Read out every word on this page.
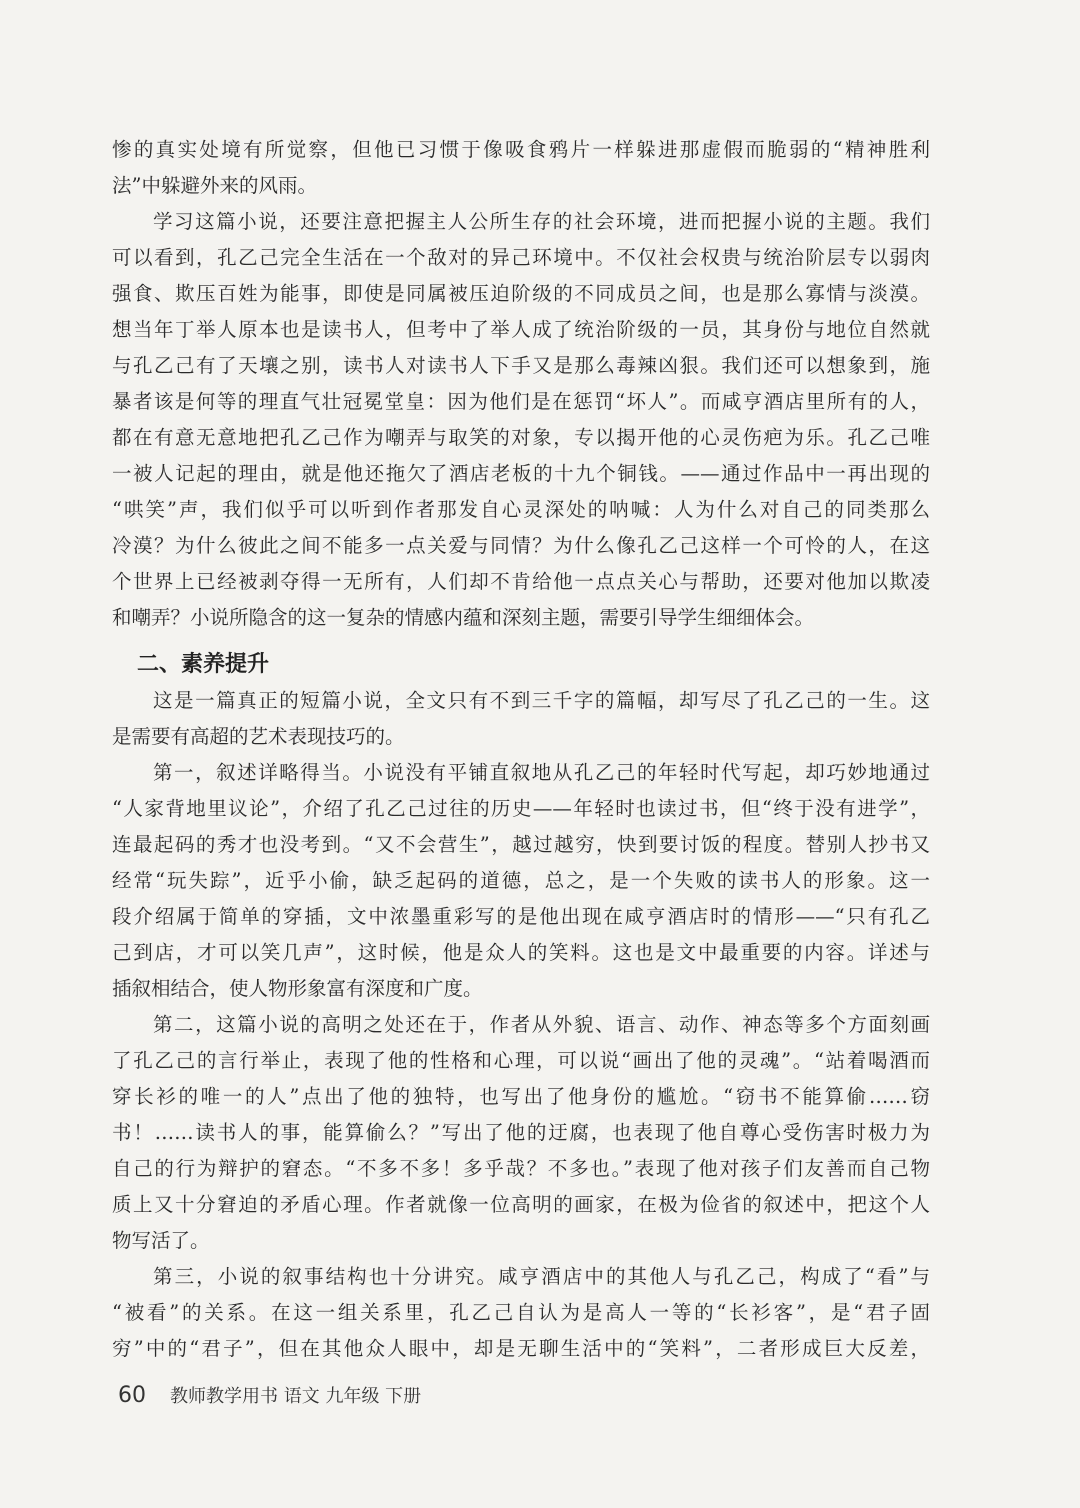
惨的真实处境有所觉察，但他已习惯于像吸食鸦片一样躲进那虚假而脆弱的“精神胜利
法”中躲避外来的风雨。
学习这篇小说，还要注意把握主人公所生存的社会环境，进而把握小说的主题。我们
可以看到，孔乙己完全生活在一个敌对的异己环境中。不仅社会权贵与统治阶层专以弱肉
强食、欺压百姓为能事，即使是同属被压迫阶级的不同成员之间，也是那么寡情与淡漠。
想当年丁举人原本也是读书人，但考中了举人成了统治阶级的一员，其身份与地位自然就
与孔乙己有了天壤之别，读书人对读书人下手又是那么毒辣凶狠。我们还可以想象到，施
暴者该是何等的理直气壮冠冕堂皇：因为他们是在惩罚“坏人”。而咸亨酒店里所有的人，
都在有意无意地把孔乙己作为嘲弄与取笑的对象，专以揭开他的心灵伤疤为乐。孔乙己唯
一被人记起的理由，就是他还拖欠了酒店老板的十九个铜钱。——通过作品中一再出现的
“哄笑”声，我们似乎可以听到作者那发自心灵深处的呐喊：人为什么对自己的同类那么
冷漠？为什么彼此之间不能多一点关爱与同情？为什么像孔乙己这样一个可怜的人，在这
个世界上已经被剥夺得一无所有，人们却不肯给他一点点关心与帮助，还要对他加以欺凌
和嘲弄？小说所隐含的这一复杂的情感内蕴和深刻主题，需要引导学生细细体会。
二、素养提升
这是一篇真正的短篇小说，全文只有不到三千字的篇幅，却写尽了孔乙己的一生。这
是需要有高超的艺术表现技巧的。
第一，叙述详略得当。小说没有平铺直叙地从孔乙己的年轻时代写起，却巧妙地通过
“人家背地里议论”，介绍了孔乙己过往的历史——年轻时也读过书，但“终于没有进学”，
连最起码的秀才也没考到。“又不会营生”，越过越穷，快到要讨饭的程度。替别人抄书又
经常“玩失踪”，近乎小偷，缺乏起码的道德，总之，是一个失败的读书人的形象。这一
段介绍属于简单的穿插，文中浓墨重彩写的是他出现在咸亨酒店时的情形——“只有孔乙
己到店，才可以笑几声”，这时候，他是众人的笑料。这也是文中最重要的内容。详述与
插叙相结合，使人物形象富有深度和广度。
第二，这篇小说的高明之处还在于，作者从外貌、语言、动作、神态等多个方面刻画
了孔乙己的言行举止，表现了他的性格和心理，可以说“画出了他的灵魂”。“站着喝酒而
穿长衫的唯一的人”点出了他的独特，也写出了他身份的尴尬。“窃书不能算偷……窃
书！……读书人的事，能算偷么？”写出了他的迂腐，也表现了他自尊心受伤害时极力为
自己的行为辩护的窘态。“不多不多！多乎哉？不多也。”表现了他对孩子们友善而自己物
质上又十分窘迫的矛盾心理。作者就像一位高明的画家，在极为俭省的叙述中，把这个人
物写活了。
第三，小说的叙事结构也十分讲究。咸亨酒店中的其他人与孔乙己，构成了“看”与
“被看”的关系。在这一组关系里，孔乙己自认为是高人一等的“长衫客”，是“君子固
穷”中的“君子”，但在其他众人眼中，却是无聊生活中的“笑料”，二者形成巨大反差，
60 教师教学用书 语文 九年级 下册
